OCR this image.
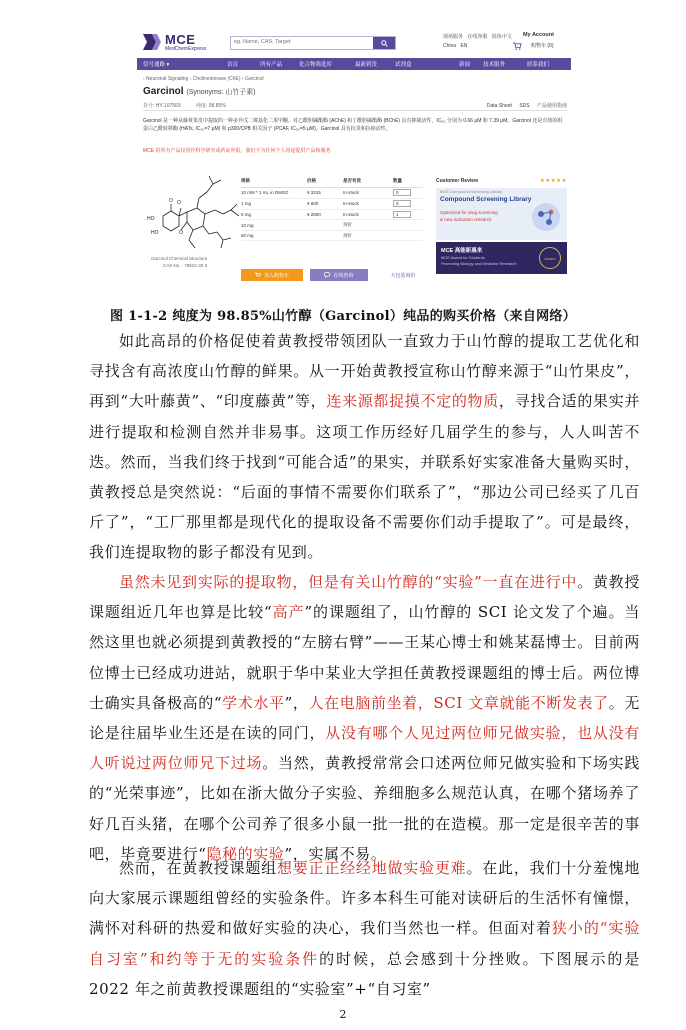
MCE
MedChemExpress
eg. Name, CAS, Target
现场服务 在线客服 简体中文
China EN
My Account
购物车 (0)
信号通路 ▾	首页	所有产品	化合物筛选库	最新到货	试剂盒	新闻 技术服务	联系我们
› Neuronal Signaling › Cholinesterase (ChE) › Garcinol
Garcinol (Synonyms: 山竹子素)
货号: HY-107569	纯度: 98.85%	Data Sheet SDS 产品使用指南
Garcinol 是一种从藤黄果皮中提取的一种多异戊二烯基化二苯甲酮。对乙酰胆碱酯酶 (AChE) 和丁酰胆碱酯酶 (BChE) 具有抑制活性，IC₅₀ 分别为 0.66 μM 和 7.39 μM。Garcinol 还是有效的组蛋白乙酰转移酶 (HATs, IC₅₀=7 μM) 和 p300/CPB 相关因子 (PCAF, IC₅₀=5 μM)。Garcinol 具有抗炎和抗癌活性。
MCE 的所有产品仅用作科学研究或药证申报，我们不为任何个人用途提供产品和服务
HO
HO
O
O
O
Garcinol Chemical Structure
CAS No. : 78824-30-3
规格	价格	是否有货	数量
10 mM * 1 mL in DMSO	¥ 3315	In-stock	0
1 mg	¥ 800	In-stock	0
5 mg	¥ 2600	In-stock	1
10 mg		询价	
50 mg		询价	
加入购物车	在线咨询	大包装询价
Customer Review	★★★★★
MCE Compound Screening Library
Compound Screening Library
Optimized for drug screening
& new indication research
MCE 高能新惠来
MCE Award for Students
Promoting Biology and Medicine Research
Award
图 1-1-2 纯度为 98.85%山竹醇（Garcinol）纯品的购买价格（来自网络）

如此高昂的价格促使着黄教授带领团队一直致力于山竹醇的提取工艺优化和寻找含有高浓度山竹醇的鲜果。从一开始黄教授宣称山竹醇来源于“山竹果皮”，再到“大叶藤黄”、“印度藤黄”等，连来源都捉摸不定的物质，寻找合适的果实并进行提取和检测自然并非易事。这项工作历经好几届学生的参与，人人叫苦不迭。然而，当我们终于找到“可能合适”的果实，并联系好实家准备大量购买时，黄教授总是突然说：“后面的事情不需要你们联系了”，“那边公司已经买了几百斤了”，“工厂那里都是现代化的提取设备不需要你们动手提取了”。可是最终，我们连提取物的影子都没有见到。

虽然未见到实际的提取物，但是有关山竹醇的“实验”一直在进行中。黄教授课题组近几年也算是比较“高产”的课题组了，山竹醇的 SCI 论文发了个遍。当然这里也就必须提到黄教授的“左膀右臂”——王某心博士和姚某磊博士。目前两位博士已经成功进站，就职于华中某业大学担任黄教授课题组的博士后。两位博士确实具备极高的“学术水平”，人在电脑前坐着，SCI 文章就能不断发表了。无论是往届毕业生还是在读的同门，从没有哪个人见过两位师兄做实验，也从没有人听说过两位师兄下过场。当然，黄教授常常会口述两位师兄做实验和下场实践的“光荣事迹”，比如在浙大做分子实验、养细胞多么规范认真，在哪个猪场养了好几百头猪，在哪个公司养了很多小鼠一批一批的在造模。那一定是很辛苦的事吧，毕竟要进行“隐秘的实验”，实属不易。

然而，在黄教授课题组想要正正经经地做实验更难。在此，我们十分羞愧地向大家展示课题组曾经的实验条件。许多本科生可能对读研后的生活怀有憧憬，满怀对科研的热爱和做好实验的决心，我们当然也一样。但面对着狭小的“实验自习室”和约等于无的实验条件的时候，总会感到十分挫败。下图展示的是 2022 年之前黄教授课题组的“实验室”+“自习室”

2
